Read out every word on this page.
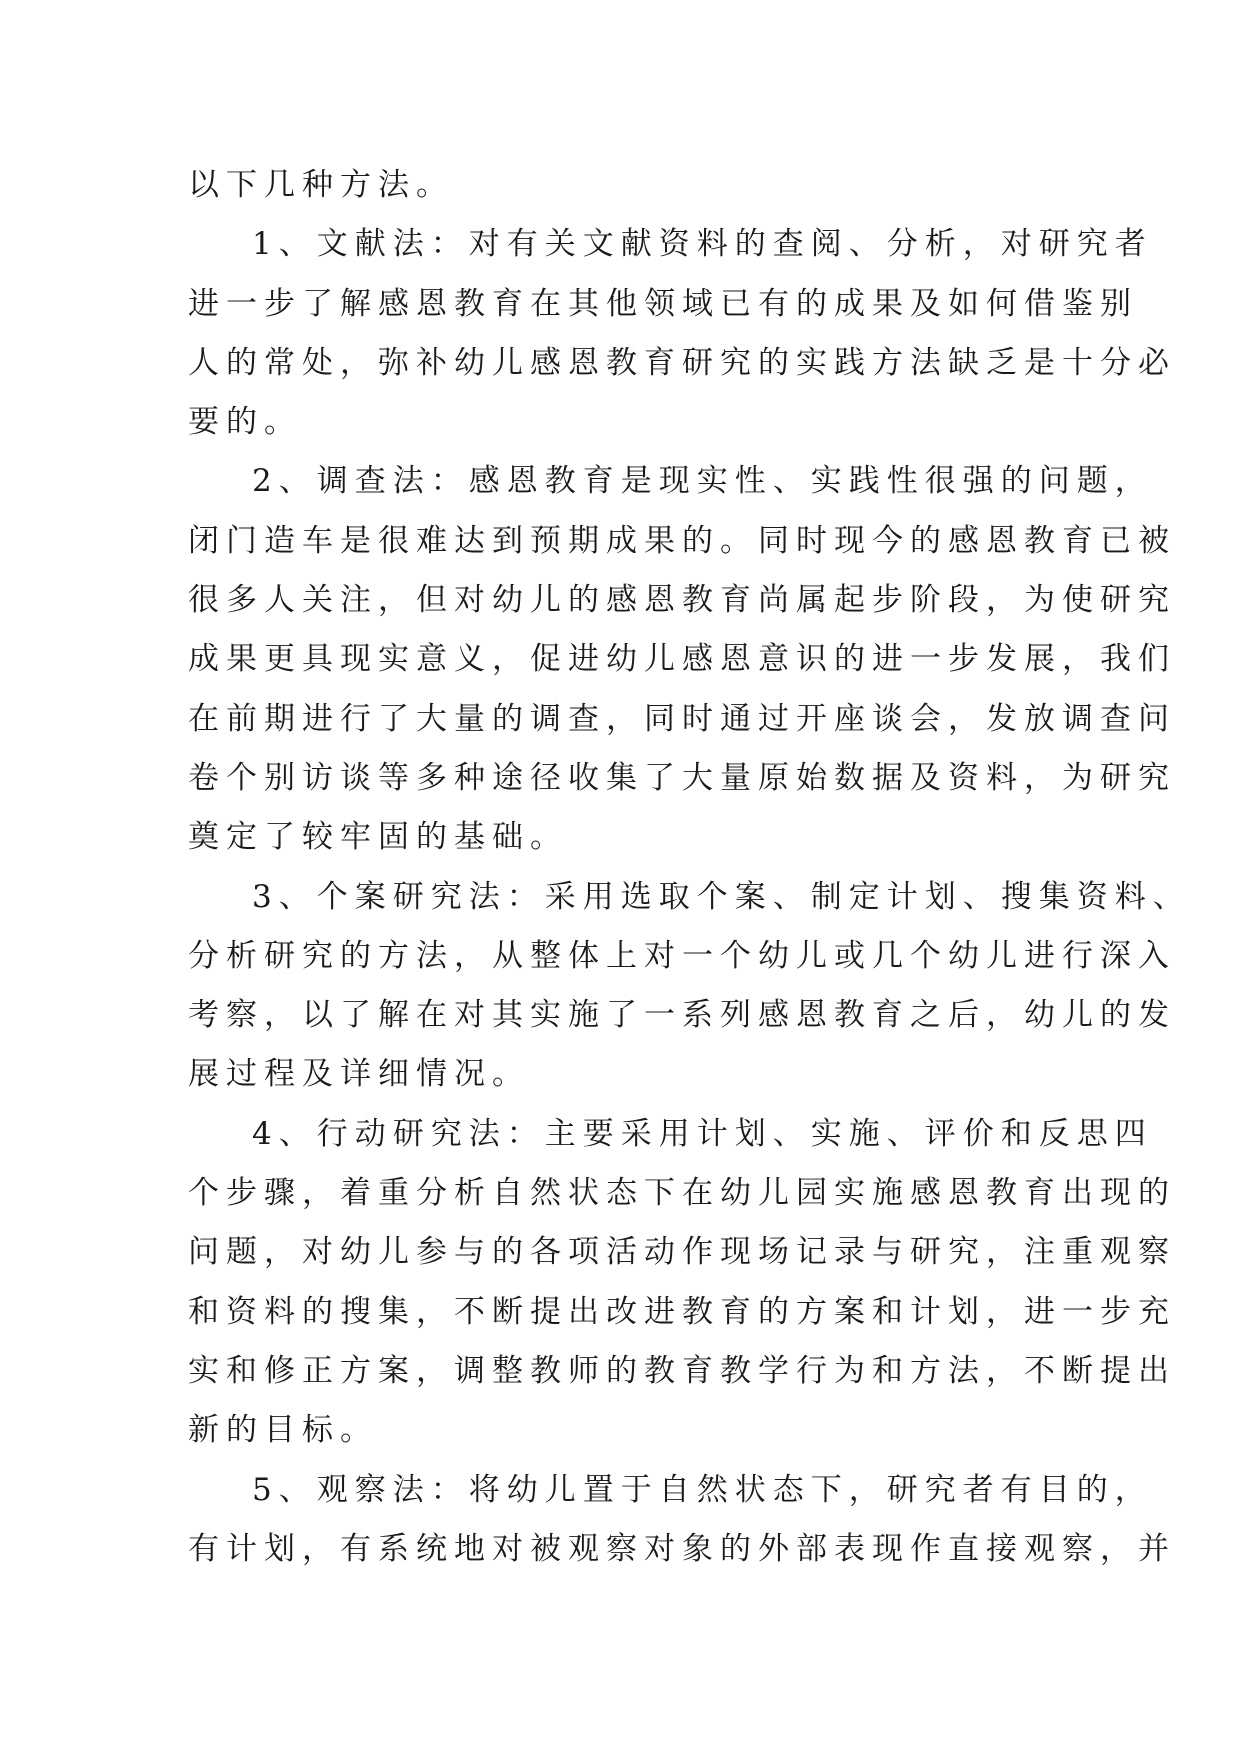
以下几种方法。
1、文献法：对有关文献资料的查阅、分析，对研究者
进一步了解感恩教育在其他领域已有的成果及如何借鉴别
人的常处，弥补幼儿感恩教育研究的实践方法缺乏是十分必
要的。
2、调查法：感恩教育是现实性、实践性很强的问题，
闭门造车是很难达到预期成果的。同时现今的感恩教育已被
很多人关注，但对幼儿的感恩教育尚属起步阶段，为使研究
成果更具现实意义，促进幼儿感恩意识的进一步发展，我们
在前期进行了大量的调查，同时通过开座谈会，发放调查问
卷个别访谈等多种途径收集了大量原始数据及资料，为研究
奠定了较牢固的基础。
3、个案研究法：采用选取个案、制定计划、搜集资料、
分析研究的方法，从整体上对一个幼儿或几个幼儿进行深入
考察，以了解在对其实施了一系列感恩教育之后，幼儿的发
展过程及详细情况。
4、行动研究法：主要采用计划、实施、评价和反思四
个步骤，着重分析自然状态下在幼儿园实施感恩教育出现的
问题，对幼儿参与的各项活动作现场记录与研究，注重观察
和资料的搜集，不断提出改进教育的方案和计划，进一步充
实和修正方案，调整教师的教育教学行为和方法，不断提出
新的目标。
5、观察法：将幼儿置于自然状态下，研究者有目的，
有计划，有系统地对被观察对象的外部表现作直接观察，并
